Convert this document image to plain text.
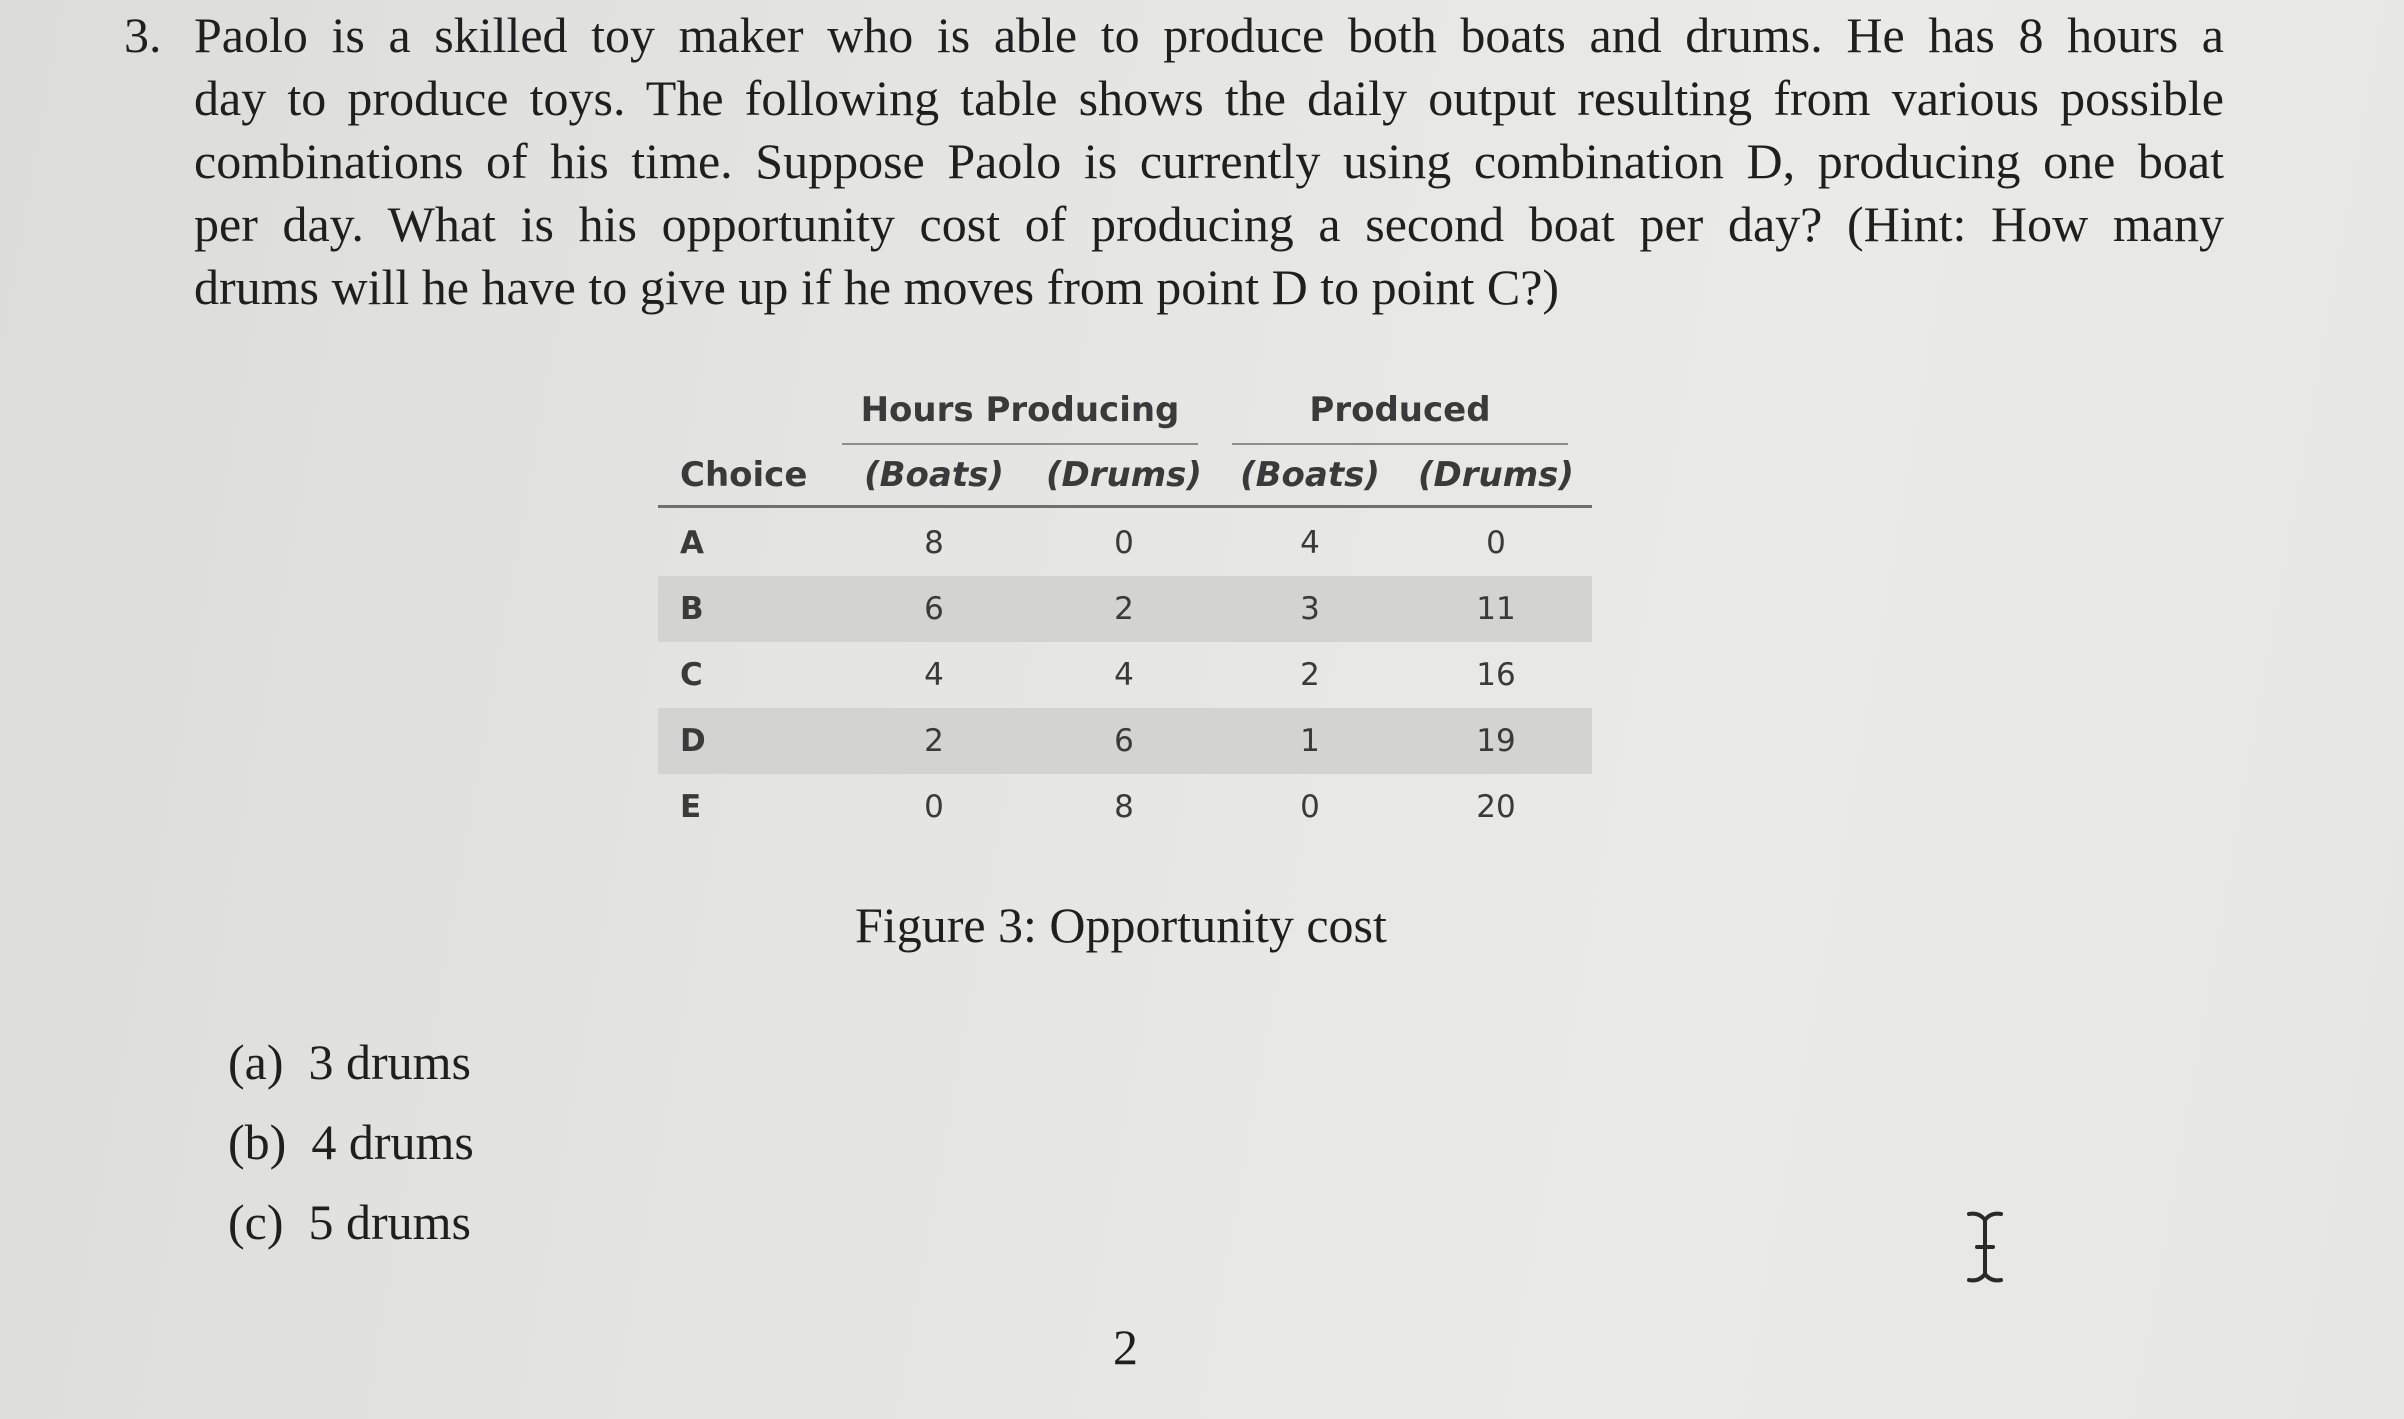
3. Paolo is a skilled toy maker who is able to produce both boats and drums. He has 8 hours a
day to produce toys. The following table shows the daily output resulting from various possible
combinations of his time. Suppose Paolo is currently using combination D, producing one boat
per day. What is his opportunity cost of producing a second boat per day? (Hint: How many
drums will he have to give up if he moves from point D to point C?)
Hours Producing	Produced
Choice	(Boats)	(Drums)	(Boats)	(Drums)
A	8	0	4	0
B	6	2	3	11
C	4	4	2	16
D	2	6	1	19
E	0	8	0	20
Figure 3: Opportunity cost
(a) 3 drums
(b) 4 drums
(c) 5 drums
2
